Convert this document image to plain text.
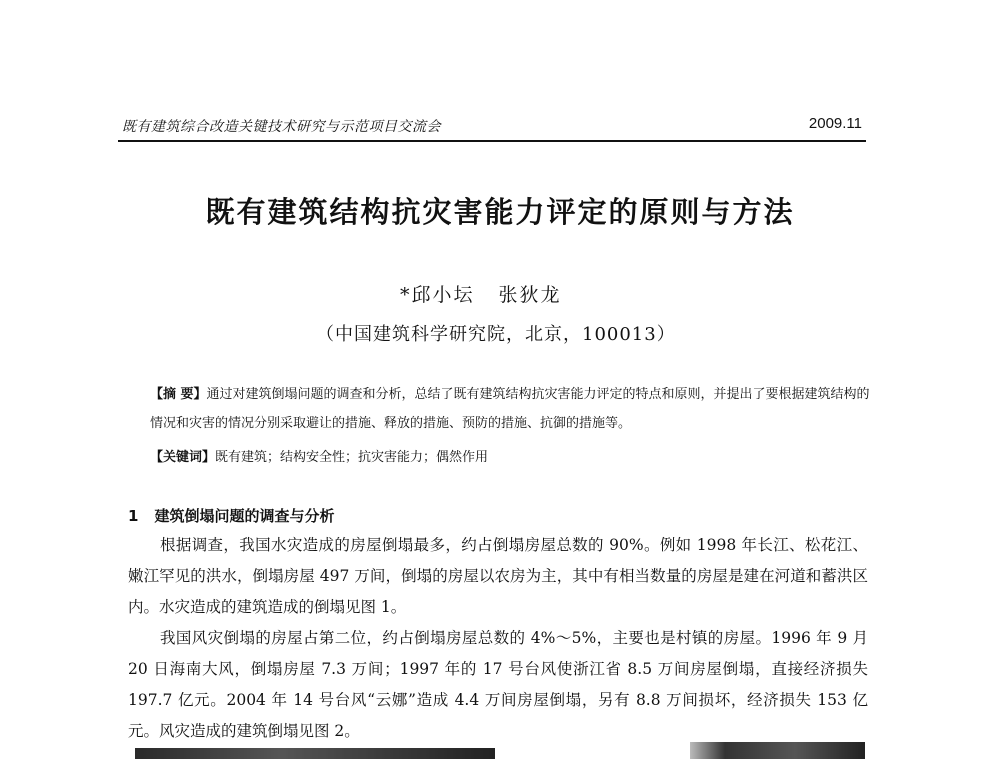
既有建筑综合改造关键技术研究与示范项目交流会	2009.11
既有建筑结构抗灾害能力评定的原则与方法
*邱小坛 张狄龙
（中国建筑科学研究院，北京，100013）
【摘 要】通过对建筑倒塌问题的调查和分析，总结了既有建筑结构抗灾害能力评定的特点和原则，并提出了要根据建筑结构的情况和灾害的情况分别采取避让的措施、释放的措施、预防的措施、抗御的措施等。
【关键词】既有建筑；结构安全性；抗灾害能力；偶然作用
1 建筑倒塌问题的调查与分析

根据调查，我国水灾造成的房屋倒塌最多，约占倒塌房屋总数的 90%。例如 1998 年长江、松花江、嫩江罕见的洪水，倒塌房屋 497 万间，倒塌的房屋以农房为主，其中有相当数量的房屋是建在河道和蓄洪区内。水灾造成的建筑造成的倒塌见图 1。

我国风灾倒塌的房屋占第二位，约占倒塌房屋总数的 4%～5%，主要也是村镇的房屋。1996 年 9 月 20 日海南大风，倒塌房屋 7.3 万间；1997 年的 17 号台风使浙江省 8.5 万间房屋倒塌，直接经济损失 197.7 亿元。2004 年 14 号台风“云娜”造成 4.4 万间房屋倒塌，另有 8.8 万间损坏，经济损失 153 亿元。风灾造成的建筑倒塌见图 2。
